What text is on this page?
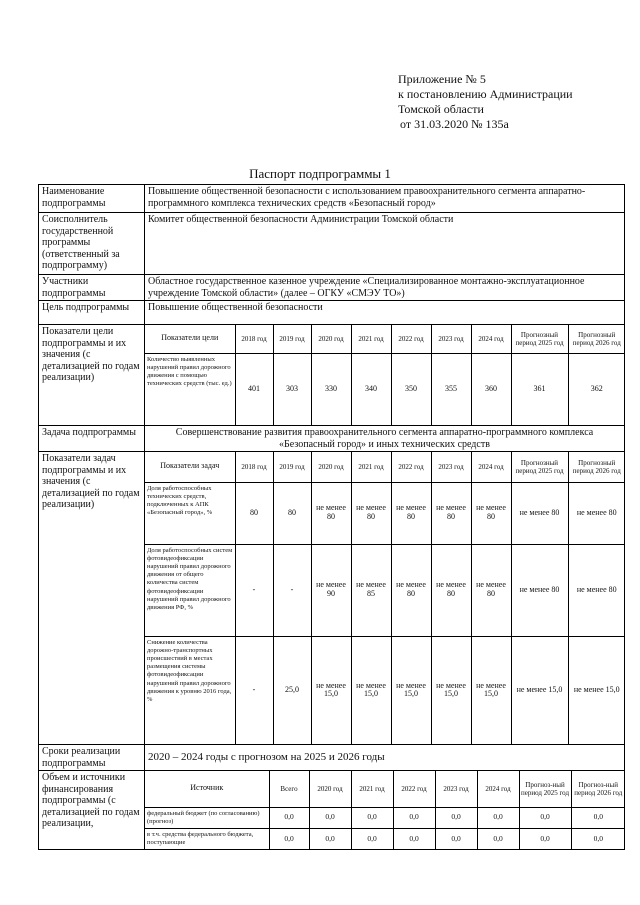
Приложение № 5
к постановлению Администрации
Томской области
от 31.03.2020 № 135а
Паспорт подпрограммы 1
Наименование подпрограммы	Повышение общественной безопасности с использованием правоохранительного сегмента аппаратно-программного комплекса технических средств «Безопасный город»
Соисполнитель государственной программы (ответственный за подпрограмму)	Комитет общественной безопасности Администрации Томской области
Участники подпрограммы	Областное государственное казенное учреждение «Специализированное монтажно-эксплуатационное учреждение Томской области» (далее – ОГКУ «СМЭУ ТО»)
Цель подпрограммы	Повышение общественной безопасности
Показатели цели подпрограммы и их значения (с детализацией по годам реализации)	
Показатели цели	2018 год	2019 год	2020 год	2021 год	2022 год	2023 год	2024 год	Прогнозный период 2025 год	Прогнозный период 2026 год
Количество выявленных нарушений правил дорожного движения с помощью технических средств (тыс. ед.)	401	303	330	340	350	355	360	361	362

Задача подпрограммы	Совершенствование развития правоохранительного сегмента аппаратно-программного комплекса «Безопасный город» и иных технических средств
Показатели задач подпрограммы и их значения (с детализацией по годам реализации)	
Показатели задач	2018 год	2019 год	2020 год	2021 год	2022 год	2023 год	2024 год	Прогнозный период 2025 год	Прогнозный период 2026 год
Доля работоспособных технических средств, подключенных к АПК «Безопасный город», %	80	80	не менее 80	не менее 80	не менее 80	не менее 80	не менее 80	не менее 80	не менее 80
Доля работоспособных систем фотовидеофиксации нарушений правил дорожного движения от общего количества систем фотовидеофиксации нарушений правил дорожного движения РФ, %	-	-	не менее 90	не менее 85	не менее 80	не менее 80	не менее 80	не менее 80	не менее 80
Снижение количества дорожно-транспортных происшествий в местах размещения системы фотовидеофиксации нарушений правил дорожного движения к уровню 2016 года, %	-	25,0	не менее 15,0	не менее 15,0	не менее 15,0	не менее 15,0	не менее 15,0	не менее 15,0	не менее 15,0

Сроки реализации подпрограммы	2020 – 2024 годы с прогнозом на 2025 и 2026 годы
Объем и источники финансирования подпрограммы (с детализацией по годам реализации,	
Источник	Всего	2020 год	2021 год	2022 год	2023 год	2024 год	Прогноз-ный период 2025 год	Прогноз-ный период 2026 год
федеральный бюджет (по согласованию) (прогноз)	0,0	0,0	0,0	0,0	0,0	0,0	0,0	0,0
в т.ч. средства федерального бюджета, поступающие	0,0	0,0	0,0	0,0	0,0	0,0	0,0	0,0
